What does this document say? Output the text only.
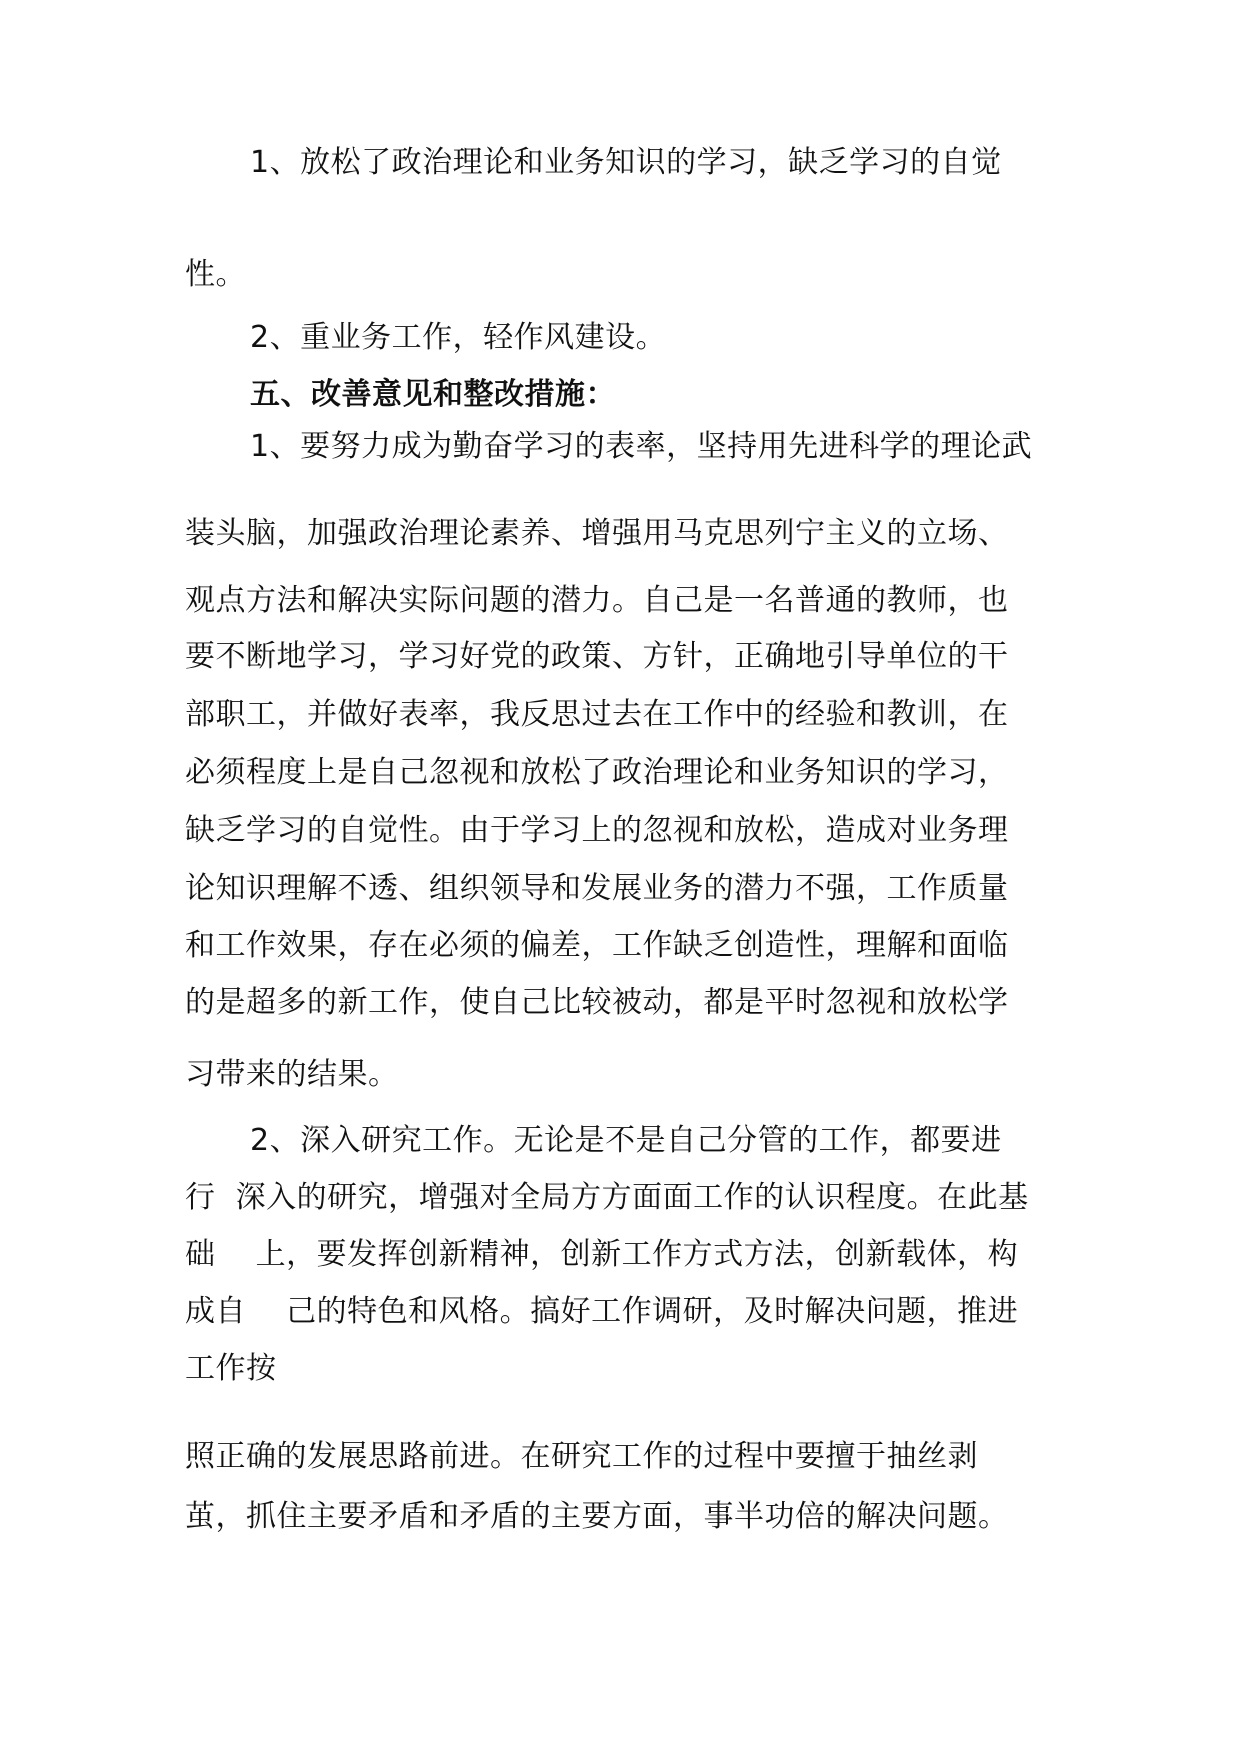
1、放松了政治理论和业务知识的学习，缺乏学习的自觉

性。

2、重业务工作，轻作风建设。

五、改善意见和整改措施：

1、要努力成为勤奋学习的表率，坚持用先进科学的理论武

装头脑，加强政治理论素养、增强用马克思列宁主义的立场、

观点方法和解决实际问题的潜力。自己是一名普通的教师，也

要不断地学习，学习好党的政策、方针，正确地引导单位的干

部职工，并做好表率，我反思过去在工作中的经验和教训，在

必须程度上是自己忽视和放松了政治理论和业务知识的学习，

缺乏学习的自觉性。由于学习上的忽视和放松，造成对业务理

论知识理解不透、组织领导和发展业务的潜力不强，工作质量

和工作效果，存在必须的偏差，工作缺乏创造性，理解和面临

的是超多的新工作，使自己比较被动，都是平时忽视和放松学

习带来的结果。

2、深入研究工作。无论是不是自己分管的工作，都要进

行  深入的研究，增强对全局方方面面工作的认识程度。在此基

础    上，要发挥创新精神，创新工作方式方法，创新载体，构

成自    己的特色和风格。搞好工作调研，及时解决问题，推进

工作按

照正确的发展思路前进。在研究工作的过程中要擅于抽丝剥

茧，抓住主要矛盾和矛盾的主要方面，事半功倍的解决问题。
